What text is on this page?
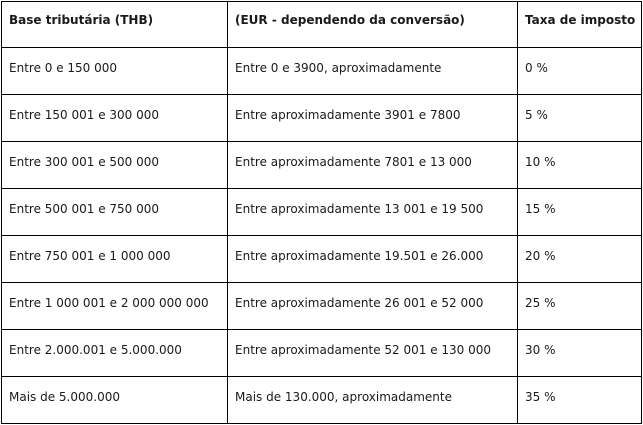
Base tributária (THB)	(EUR - dependendo da conversão)	Taxa de imposto
Entre 0 e 150 000	Entre 0 e 3900, aproximadamente	0 %
Entre 150 001 e 300 000	Entre aproximadamente 3901 e 7800	5 %
Entre 300 001 e 500 000	Entre aproximadamente 7801 e 13 000	10 %
Entre 500 001 e 750 000	Entre aproximadamente 13 001 e 19 500	15 %
Entre 750 001 e 1 000 000	Entre aproximadamente 19.501 e 26.000	20 %
Entre 1 000 001 e 2 000 000 000	Entre aproximadamente 26 001 e 52 000	25 %
Entre 2.000.001 e 5.000.000	Entre aproximadamente 52 001 e 130 000	30 %
Mais de 5.000.000	Mais de 130.000, aproximadamente	35 %
